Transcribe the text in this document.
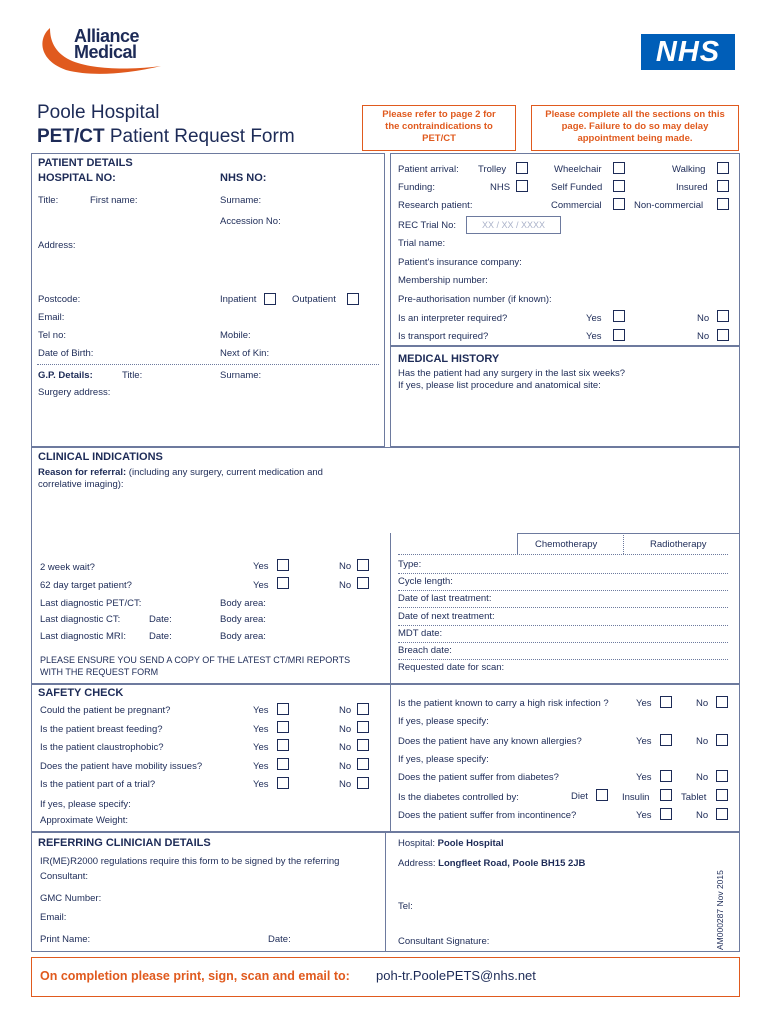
Alliance
Medical	NHS
Poole Hospital
PET/CT Patient Request Form
Please refer to page 2 for the contraindications to PET/CT
Please complete all the sections on this page. Failure to do so may delay appointment being made.
PATIENT DETAILS
HOSPITAL NO:	NHS NO:
Title:	First name:	Surname:
Accession No:
Address:
Postcode:	Inpatient	Outpatient
Email:
Tel no:	Mobile:
Date of Birth:	Next of Kin:
G.P. Details:	Title:	Surname:
Surgery address:
Patient arrival: Trolley	Wheelchair	Walking
Funding:	NHS	Self Funded	Insured
Research patient:	Commercial	Non-commercial
REC Trial No:	XX / XX / XXXX
Trial name:
Patient's insurance company:
Membership number:
Pre-authorisation number (if known):
Is an interpreter required?	Yes	No
Is transport required?	Yes	No
MEDICAL HISTORY
Has the patient had any surgery in the last six weeks?
If yes, please list procedure and anatomical site:
CLINICAL INDICATIONS
Reason for referral: (including any surgery, current medication and
correlative imaging):
2 week wait?	Yes	No
62 day target patient?	Yes	No
Last diagnostic PET/CT:	Body area:
Last diagnostic CT:	Date:	Body area:
Last diagnostic MRI: Date:	Body area:
PLEASE ENSURE YOU SEND A COPY OF THE LATEST CT/MRI REPORTS
WITH THE REQUEST FORM
Chemotherapy	Radiotherapy
Type:
Cycle length:
Date of last treatment:
Date of next treatment:
MDT date:
Breach date:
Requested date for scan:
SAFETY CHECK
Could the patient be pregnant?	Yes	No
Is the patient breast feeding?	Yes	No
Is the patient claustrophobic?	Yes	No
Does the patient have mobility issues?	Yes	No
Is the patient part of a trial?	Yes	No
If yes, please specify:
Approximate Weight:
Is the patient known to carry a high risk infection ?	Yes	No
If yes, please specify:
Does the patient have any known allergies?	Yes	No
If yes, please specify:
Does the patient suffer from diabetes?	Yes	No
Is the diabetes controlled by:	Diet	Insulin	Tablet
Does the patient suffer from incontinence?	Yes	No
REFERRING CLINICIAN DETAILS
IR(ME)R2000 regulations require this form to be signed by the referring
Consultant:
GMC Number:
Email:
Print Name:	Date:
Hospital: Poole Hospital
Address: Longfleet Road, Poole BH15 2JB
Tel:
Consultant Signature:
On completion please print, sign, scan and email to: poh-tr.PoolePETS@nhs.net
AM000287 Nov 2015
